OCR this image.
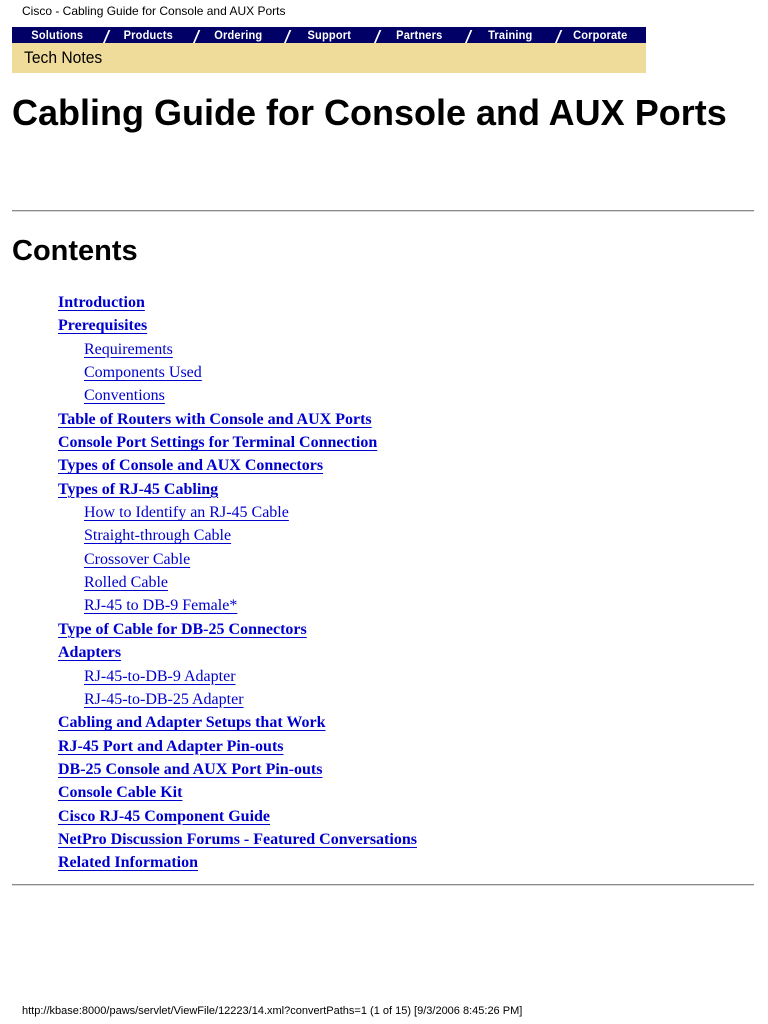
Cisco - Cabling Guide for Console and AUX Ports
Solutions	Products	Ordering	Support	Partners	Training	Corporate
Tech Notes
Cabling Guide for Console and AUX Ports
Contents
Introduction
Prerequisites
Requirements
Components Used
Conventions
Table of Routers with Console and AUX Ports
Console Port Settings for Terminal Connection
Types of Console and AUX Connectors
Types of RJ-45 Cabling
How to Identify an RJ-45 Cable
Straight-through Cable
Crossover Cable
Rolled Cable
RJ-45 to DB-9 Female*
Type of Cable for DB-25 Connectors
Adapters
RJ-45-to-DB-9 Adapter
RJ-45-to-DB-25 Adapter
Cabling and Adapter Setups that Work
RJ-45 Port and Adapter Pin-outs
DB-25 Console and AUX Port Pin-outs
Console Cable Kit
Cisco RJ-45 Component Guide
NetPro Discussion Forums - Featured Conversations
Related Information
http://kbase:8000/paws/servlet/ViewFile/12223/14.xml?convertPaths=1 (1 of 15) [9/3/2006 8:45:26 PM]
